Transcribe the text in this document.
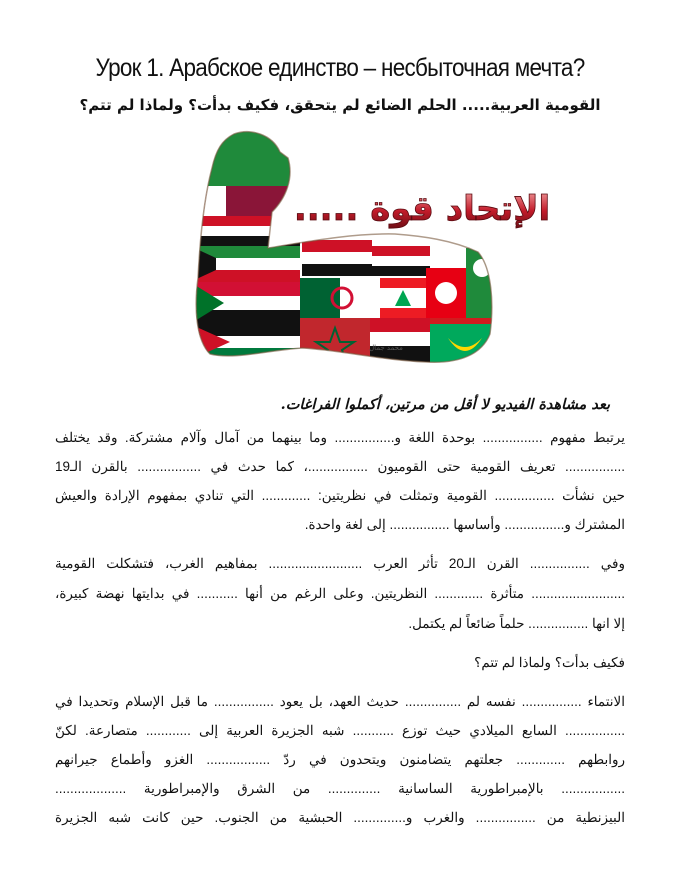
Урок 1. Арабское единство – несбыточная мечта?
القومية العربية..... الحلم الضائع لم يتحقق، فكيف بدأت؟ ولماذا لم تتم؟
الإتحاد قوة .....
محمد جمال
بعد مشاهدة الفيديو لا أقل من مرتين، أكملوا الفراغات.
يرتبط مفهوم ................ بوحدة اللغة و................ وما بينهما من آمال وآلام مشتركة. وقد يختلف
................ تعريف القومية حتى القوميون ................، كما حدث في ................. بالقرن الـ19
حين نشأت ................ القومية وتمثلت في نظريتين: ............. التي تنادي بمفهوم الإرادة والعيش
المشترك و................ وأساسها ................ إلى لغة واحدة.
وفي ................ القرن الـ20 تأثر العرب ......................... بمفاهيم الغرب، فتشكلت القومية
......................... متأثرة ............. النظريتين. وعلى الرغم من أنها ........... في بدايتها نهضة كبيرة،
إلا انها ................ حلماً ضائعاً لم يكتمل.
فكيف بدأت؟ ولماذا لم تتم؟
الانتماء ................ نفسه لم ............... حديث العهد، بل يعود ................ ما قبل الإسلام وتحديدا في
................ السابع الميلادي حيث توزع ........... شبه الجزيرة العربية إلى ............ متصارعة. لكنّ
روابطهم ............. جعلتهم يتضامنون ويتحدون في ردّ ................. الغزو وأطماع جيرانهم
................. بالإمبراطورية الساسانية .............. من الشرق والإمبراطورية ...................
البيزنطية من ................ والغرب و.............. الحبشية من الجنوب. حين كانت شبه الجزيرة
